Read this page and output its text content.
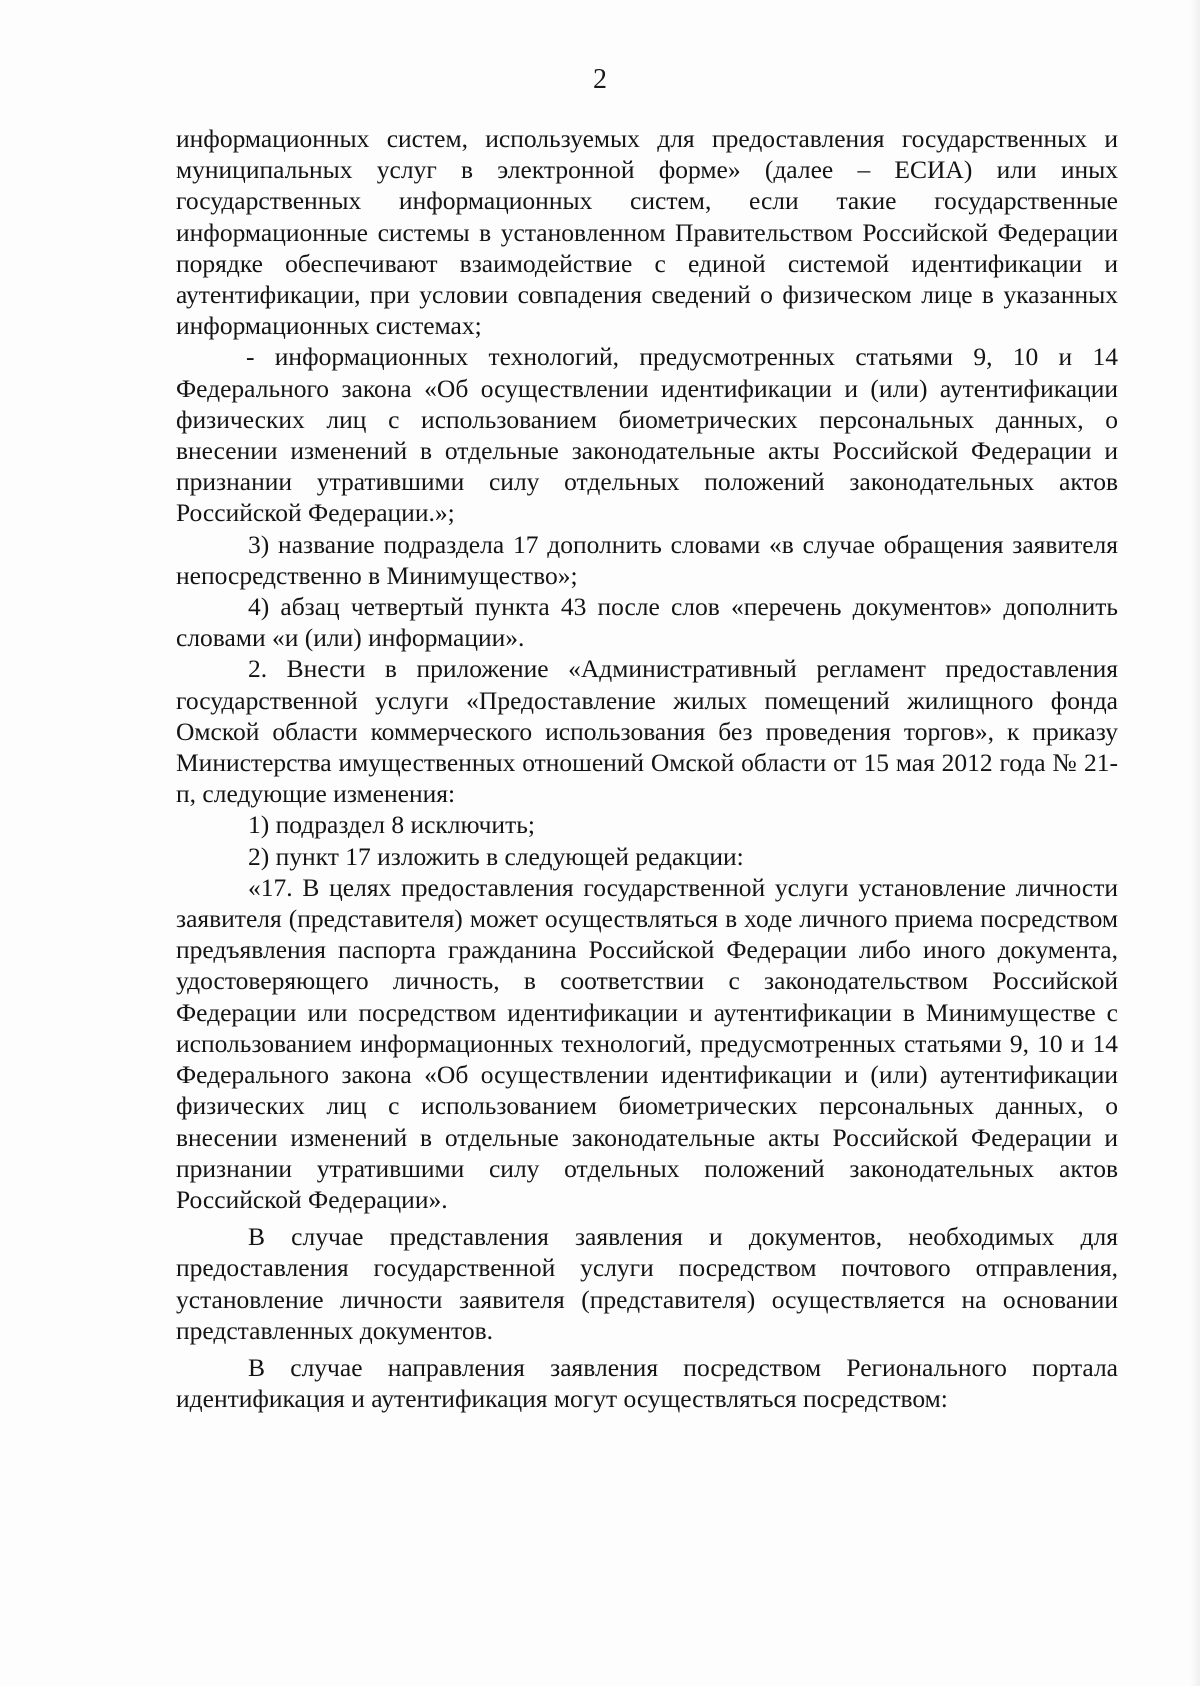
2

информационных систем, используемых для предоставления государственных и муниципальных услуг в электронной форме» (далее – ЕСИА) или иных государственных информационных систем, если такие государственные информационные системы в установленном Правительством Российской Федерации порядке обеспечивают взаимодействие с единой системой идентификации и аутентификации, при условии совпадения сведений о физическом лице в указанных информационных системах;

- информационных технологий, предусмотренных статьями 9, 10 и 14 Федерального закона «Об осуществлении идентификации и (или) аутентификации физических лиц с использованием биометрических персональных данных, о внесении изменений в отдельные законодательные акты Российской Федерации и признании утратившими силу отдельных положений законодательных актов Российской Федерации.»;

3) название подраздела 17 дополнить словами «в случае обращения заявителя непосредственно в Минимущество»;

4) абзац четвертый пункта 43 после слов «перечень документов» дополнить словами «и (или) информации».

2. Внести в приложение «Административный регламент предоставления государственной услуги «Предоставление жилых помещений жилищного фонда Омской области коммерческого использования без проведения торгов», к приказу Министерства имущественных отношений Омской области от 15 мая 2012 года № 21-п, следующие изменения:

1) подраздел 8 исключить;

2) пункт 17 изложить в следующей редакции:

«17. В целях предоставления государственной услуги установление личности заявителя (представителя) может осуществляться в ходе личного приема посредством предъявления паспорта гражданина Российской Федерации либо иного документа, удостоверяющего личность, в соответствии с законодательством Российской Федерации или посредством идентификации и аутентификации в Минимуществе с использованием информационных технологий, предусмотренных статьями 9, 10 и 14 Федерального закона «Об осуществлении идентификации и (или) аутентификации физических лиц с использованием биометрических персональных данных, о внесении изменений в отдельные законодательные акты Российской Федерации и признании утратившими силу отдельных положений законодательных актов Российской Федерации».

В случае представления заявления и документов, необходимых для предоставления государственной услуги посредством почтового отправления, установление личности заявителя (представителя) осуществляется на основании представленных документов.

В случае направления заявления посредством Регионального портала идентификация и аутентификация могут осуществляться посредством:
